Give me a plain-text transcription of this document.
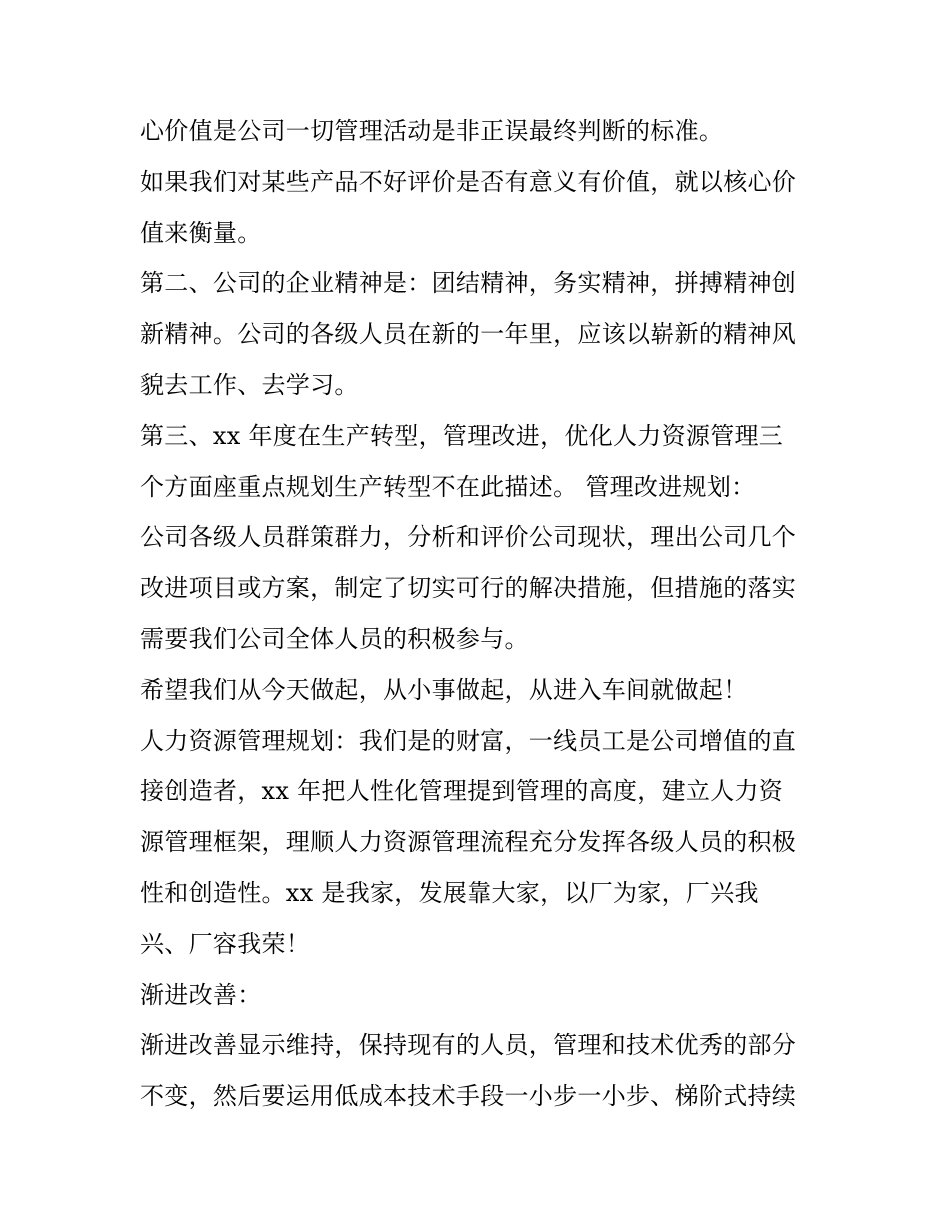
心价值是公司一切管理活动是非正误最终判断的标准。
如果我们对某些产品不好评价是否有意义有价值，就以核心价
值来衡量。
第二、公司的企业精神是：团结精神，务实精神，拼搏精神创
新精神。公司的各级人员在新的一年里，应该以崭新的精神风
貌去工作、去学习。
第三、xx 年度在生产转型，管理改进，优化人力资源管理三
个方面座重点规划生产转型不在此描述。 管理改进规划：
公司各级人员群策群力，分析和评价公司现状，理出公司几个
改进项目或方案，制定了切实可行的解决措施，但措施的落实
需要我们公司全体人员的积极参与。
希望我们从今天做起，从小事做起，从进入车间就做起！
人力资源管理规划：我们是的财富，一线员工是公司增值的直
接创造者，xx 年把人性化管理提到管理的高度，建立人力资
源管理框架，理顺人力资源管理流程充分发挥各级人员的积极
性和创造性。xx 是我家，发展靠大家，以厂为家，厂兴我
兴、厂容我荣！
渐进改善：
渐进改善显示维持，保持现有的人员，管理和技术优秀的部分
不变，然后要运用低成本技术手段一小步一小步、梯阶式持续
